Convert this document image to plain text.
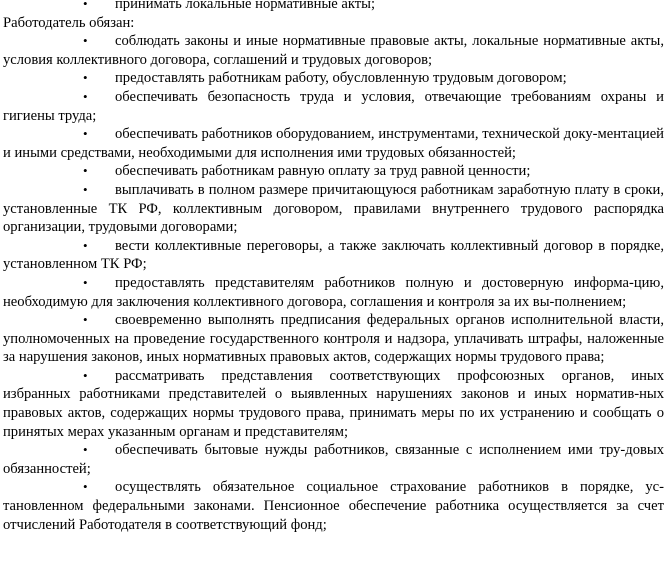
• принимать локальные нормативные акты;

Работодатель обязан:

• соблюдать законы и иные нормативные правовые акты, локальные нормативные акты, условия коллективного договора, соглашений и трудовых договоров;

• предоставлять работникам работу, обусловленную трудовым договором;

• обеспечивать безопасность труда и условия, отвечающие требованиям охраны и гигиены труда;

• обеспечивать работников оборудованием, инструментами, технической доку-ментацией и иными средствами, необходимыми для исполнения ими трудовых обязанностей;

• обеспечивать работникам равную оплату за труд равной ценности;

• выплачивать в полном размере причитающуюся работникам заработную плату в сроки, установленные ТК РФ, коллективным договором, правилами внутреннего трудового распорядка организации, трудовыми договорами;

• вести коллективные переговоры, а также заключать коллективный договор в порядке, установленном ТК РФ;

• предоставлять представителям работников полную и достоверную информа-цию, необходимую для заключения коллективного договора, соглашения и контроля за их вы-полнением;

• своевременно выполнять предписания федеральных органов исполнительной власти, уполномоченных на проведение государственного контроля и надзора, уплачивать штрафы, наложенные за нарушения законов, иных нормативных правовых актов, содержащих нормы трудового права;

• рассматривать представления соответствующих профсоюзных органов, иных избранных работниками представителей о выявленных нарушениях законов и иных норматив-ных правовых актов, содержащих нормы трудового права, принимать меры по их устранению и сообщать о принятых мерах указанным органам и представителям;

• обеспечивать бытовые нужды работников, связанные с исполнением ими тру-довых обязанностей;

• осуществлять обязательное социальное страхование работников в порядке, ус-тановленном федеральными законами. Пенсионное обеспечение работника осуществляется за счет отчислений Работодателя в соответствующий фонд;
